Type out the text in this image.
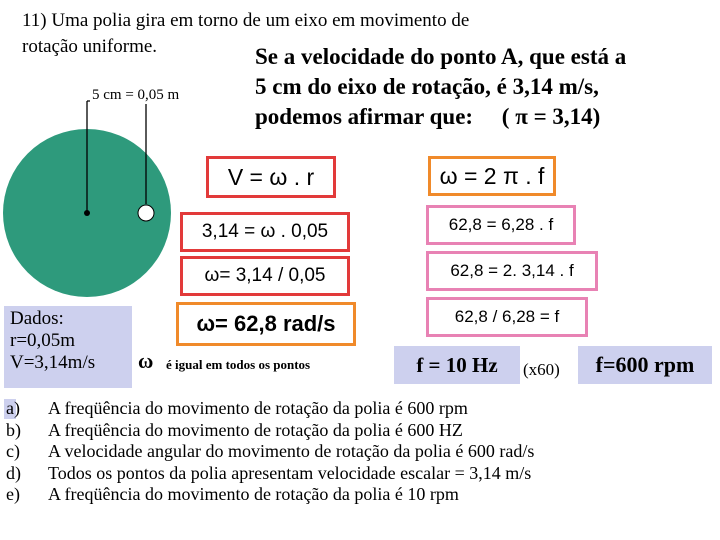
11) Uma polia gira em torno de um eixo em movimento de
rotação uniforme.	Se a velocidade do ponto A, que está a
5 cm do eixo de rotação, é 3,14 m/s,
podemos afirmar que:     ( π = 3,14)
5 cm = 0,05 m
V = ω . r
3,14 = ω . 0,05
ω= 3,14 / 0,05
ω= 62,8 rad/s
ω = 2 π . f
62,8 = 6,28 . f
62,8 = 2. 3,14 . f
62,8 / 6,28 = f
Dados:
r=0,05m
V=3,14m/s	ω é igual em todos os pontos	f = 10 Hz	(x60)	f=600 rpm
a)	A freqüência do movimento de rotação da polia é 600 rpm
b)	A freqüência do movimento de rotação da polia é 600 HZ
c)	A velocidade angular do movimento de rotação da polia é 600 rad/s
d)	Todos os pontos da polia apresentam velocidade escalar = 3,14 m/s
e)	A freqüência do movimento de rotação da polia é 10 rpm
